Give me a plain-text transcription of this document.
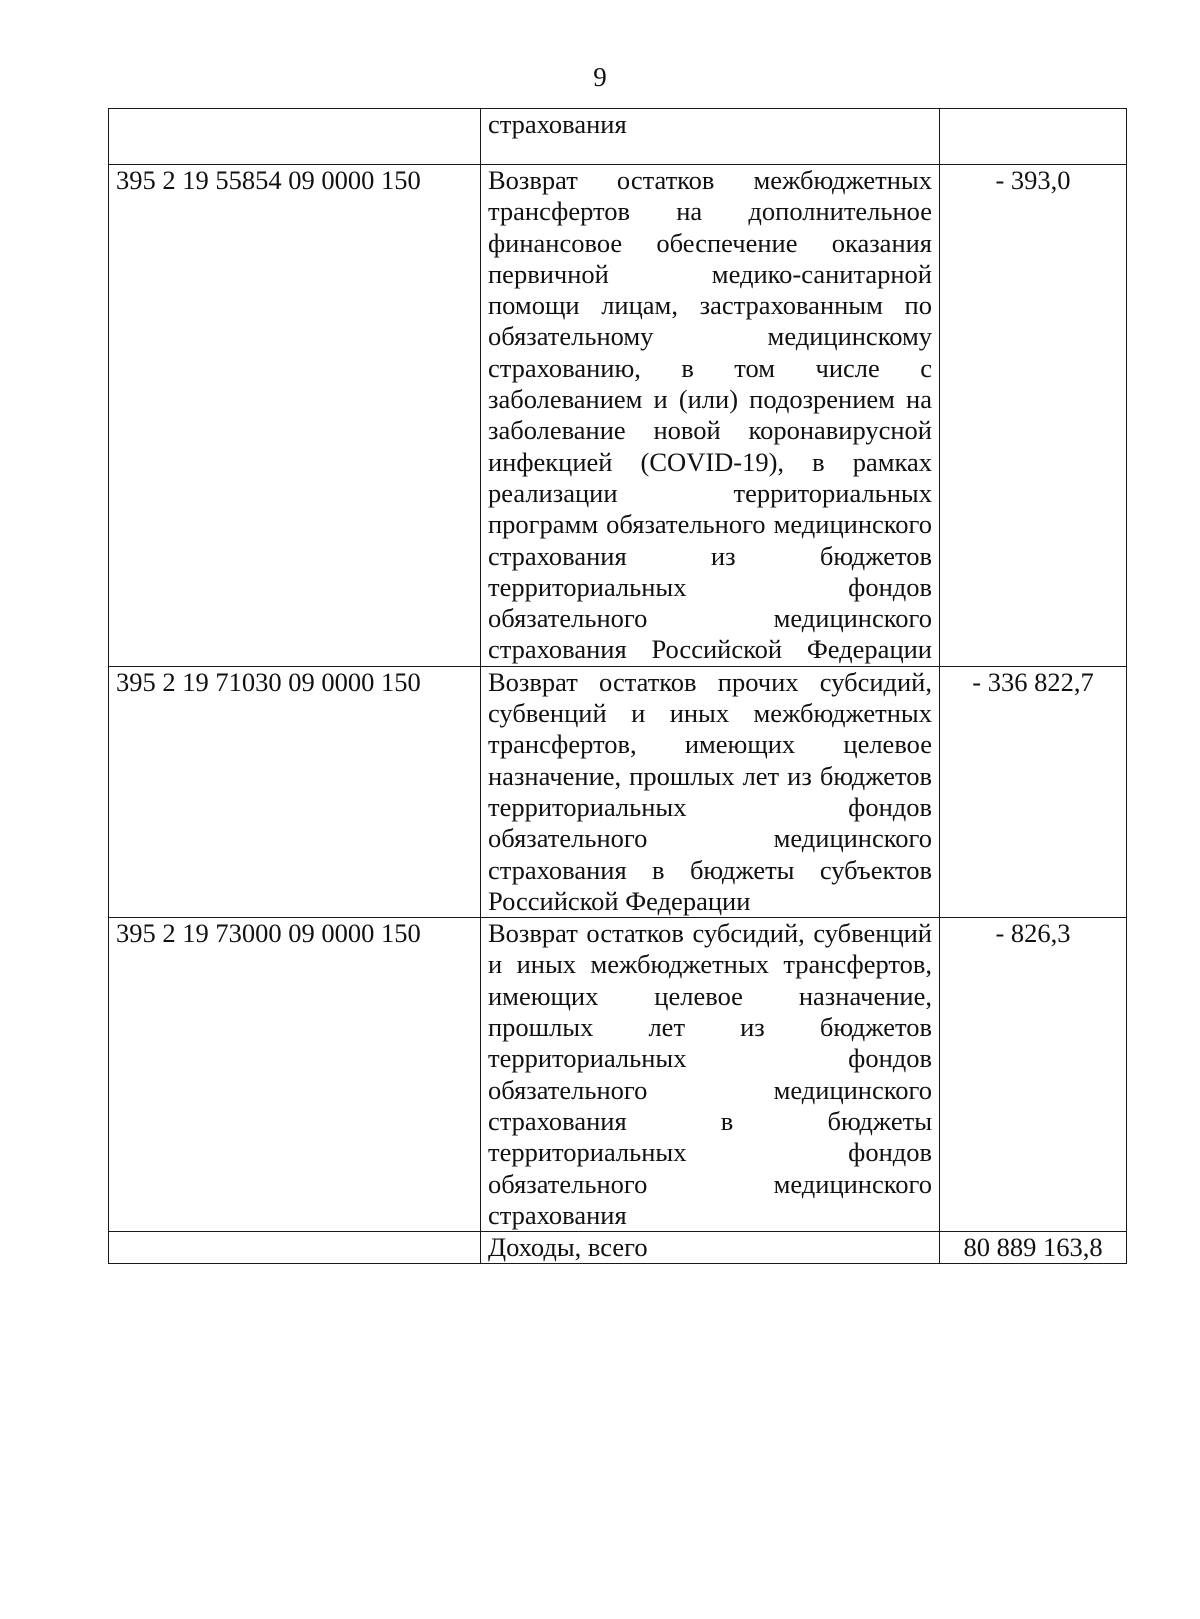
9
	страхования	
395 2 19 55854 09 0000 150	Возврат остатков межбюджетных трансфертов на дополнительное финансовое обеспечение оказания первичной медико-санитарной помощи лицам, застрахованным по обязательному медицинскому страхованию, в том числе с заболеванием и (или) подозрением на заболевание новой коронавирусной инфекцией (COVID-19), в рамках реализации территориальных программ обязательного медицинского страхования из бюджетов территориальных фондов обязательного медицинского страхования Российской Федерации	- 393,0
395 2 19 71030 09 0000 150	Возврат остатков прочих субсидий, субвенций и иных межбюджетных трансфертов, имеющих целевое назначение, прошлых лет из бюджетов территориальных фондов обязательного медицинского страхования в бюджеты субъектов Российской Федерации	- 336 822,7
395 2 19 73000 09 0000 150	Возврат остатков субсидий, субвенций и иных межбюджетных трансфертов, имеющих целевое назначение, прошлых лет из бюджетов территориальных фондов обязательного медицинского страхования в бюджеты территориальных фондов обязательного медицинского страхования	- 826,3
	Доходы, всего	80 889 163,8
